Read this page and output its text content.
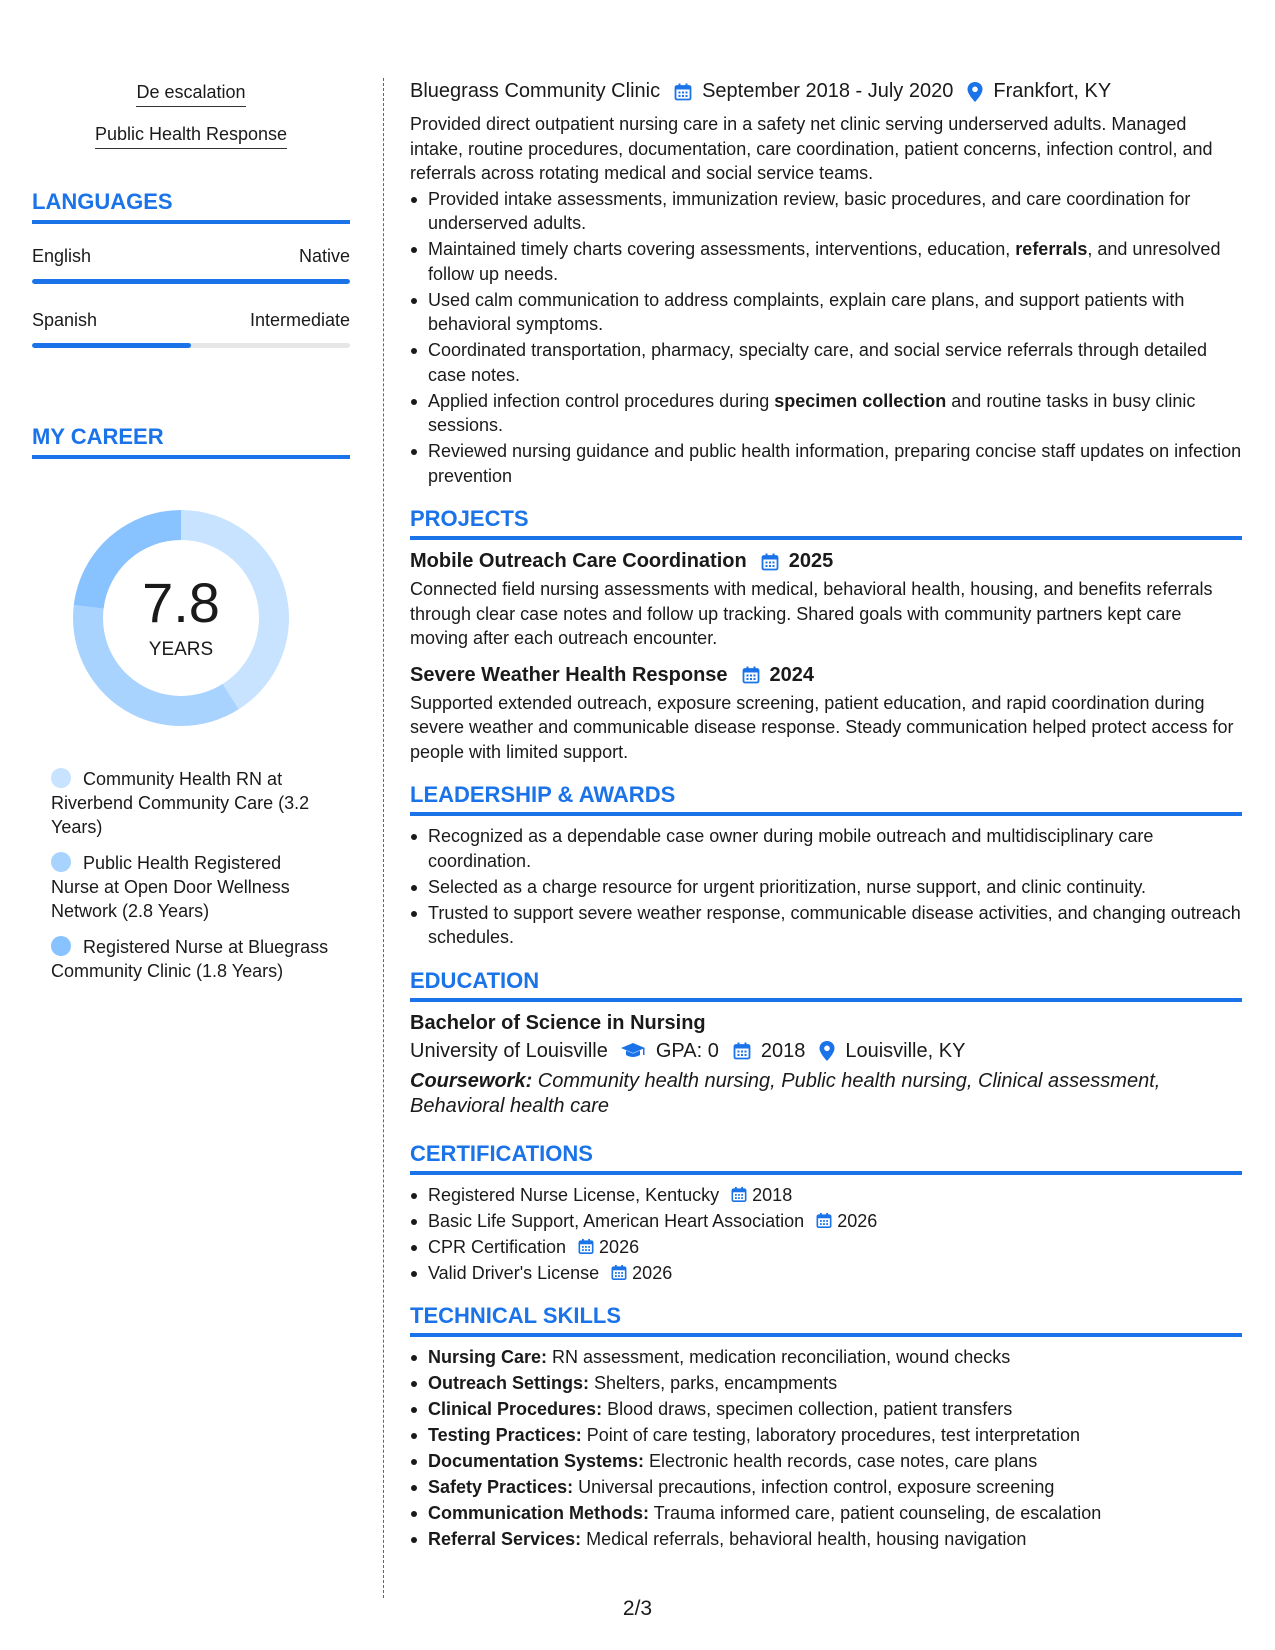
De escalation
Public Health Response
LANGUAGES
English	Native
Spanish	Intermediate
MY CAREER
7.8
YEARS
Community Health RN at Riverbend Community Care (3.2 Years)
Public Health Registered Nurse at Open Door Wellness Network (2.8 Years)
Registered Nurse at Bluegrass Community Clinic (1.8 Years)
Bluegrass Community Clinic September 2018 - July 2020 Frankfort, KY

Provided direct outpatient nursing care in a safety net clinic serving underserved adults. Managed intake, routine procedures, documentation, care coordination, patient concerns, infection control, and referrals across rotating medical and social service teams.

Provided intake assessments, immunization review, basic procedures, and care coordination for underserved adults.
Maintained timely charts covering assessments, interventions, education, referrals, and unresolved follow up needs.
Used calm communication to address complaints, explain care plans, and support patients with behavioral symptoms.
Coordinated transportation, pharmacy, specialty care, and social service referrals through detailed case notes.
Applied infection control procedures during specimen collection and routine tasks in busy clinic sessions.
Reviewed nursing guidance and public health information, preparing concise staff updates on infection prevention
PROJECTS
Mobile Outreach Care Coordination 2025

Connected field nursing assessments with medical, behavioral health, housing, and benefits referrals through clear case notes and follow up tracking. Shared goals with community partners kept care moving after each outreach encounter.

Severe Weather Health Response 2024

Supported extended outreach, exposure screening, patient education, and rapid coordination during severe weather and communicable disease response. Steady communication helped protect access for people with limited support.

LEADERSHIP & AWARDS
Recognized as a dependable case owner during mobile outreach and multidisciplinary care coordination.
Selected as a charge resource for urgent prioritization, nurse support, and clinic continuity.
Trusted to support severe weather response, communicable disease activities, and changing outreach schedules.
EDUCATION
Bachelor of Science in Nursing
University of Louisville GPA: 0 2018 Louisville, KY

Coursework: Community health nursing, Public health nursing, Clinical assessment, Behavioral health care

CERTIFICATIONS
Registered Nurse License, Kentucky 2018
Basic Life Support, American Heart Association 2026
CPR Certification 2026
Valid Driver's License 2026
TECHNICAL SKILLS
Nursing Care: RN assessment, medication reconciliation, wound checks
Outreach Settings: Shelters, parks, encampments
Clinical Procedures: Blood draws, specimen collection, patient transfers
Testing Practices: Point of care testing, laboratory procedures, test interpretation
Documentation Systems: Electronic health records, case notes, care plans
Safety Practices: Universal precautions, infection control, exposure screening
Communication Methods: Trauma informed care, patient counseling, de escalation
Referral Services: Medical referrals, behavioral health, housing navigation
2/3
